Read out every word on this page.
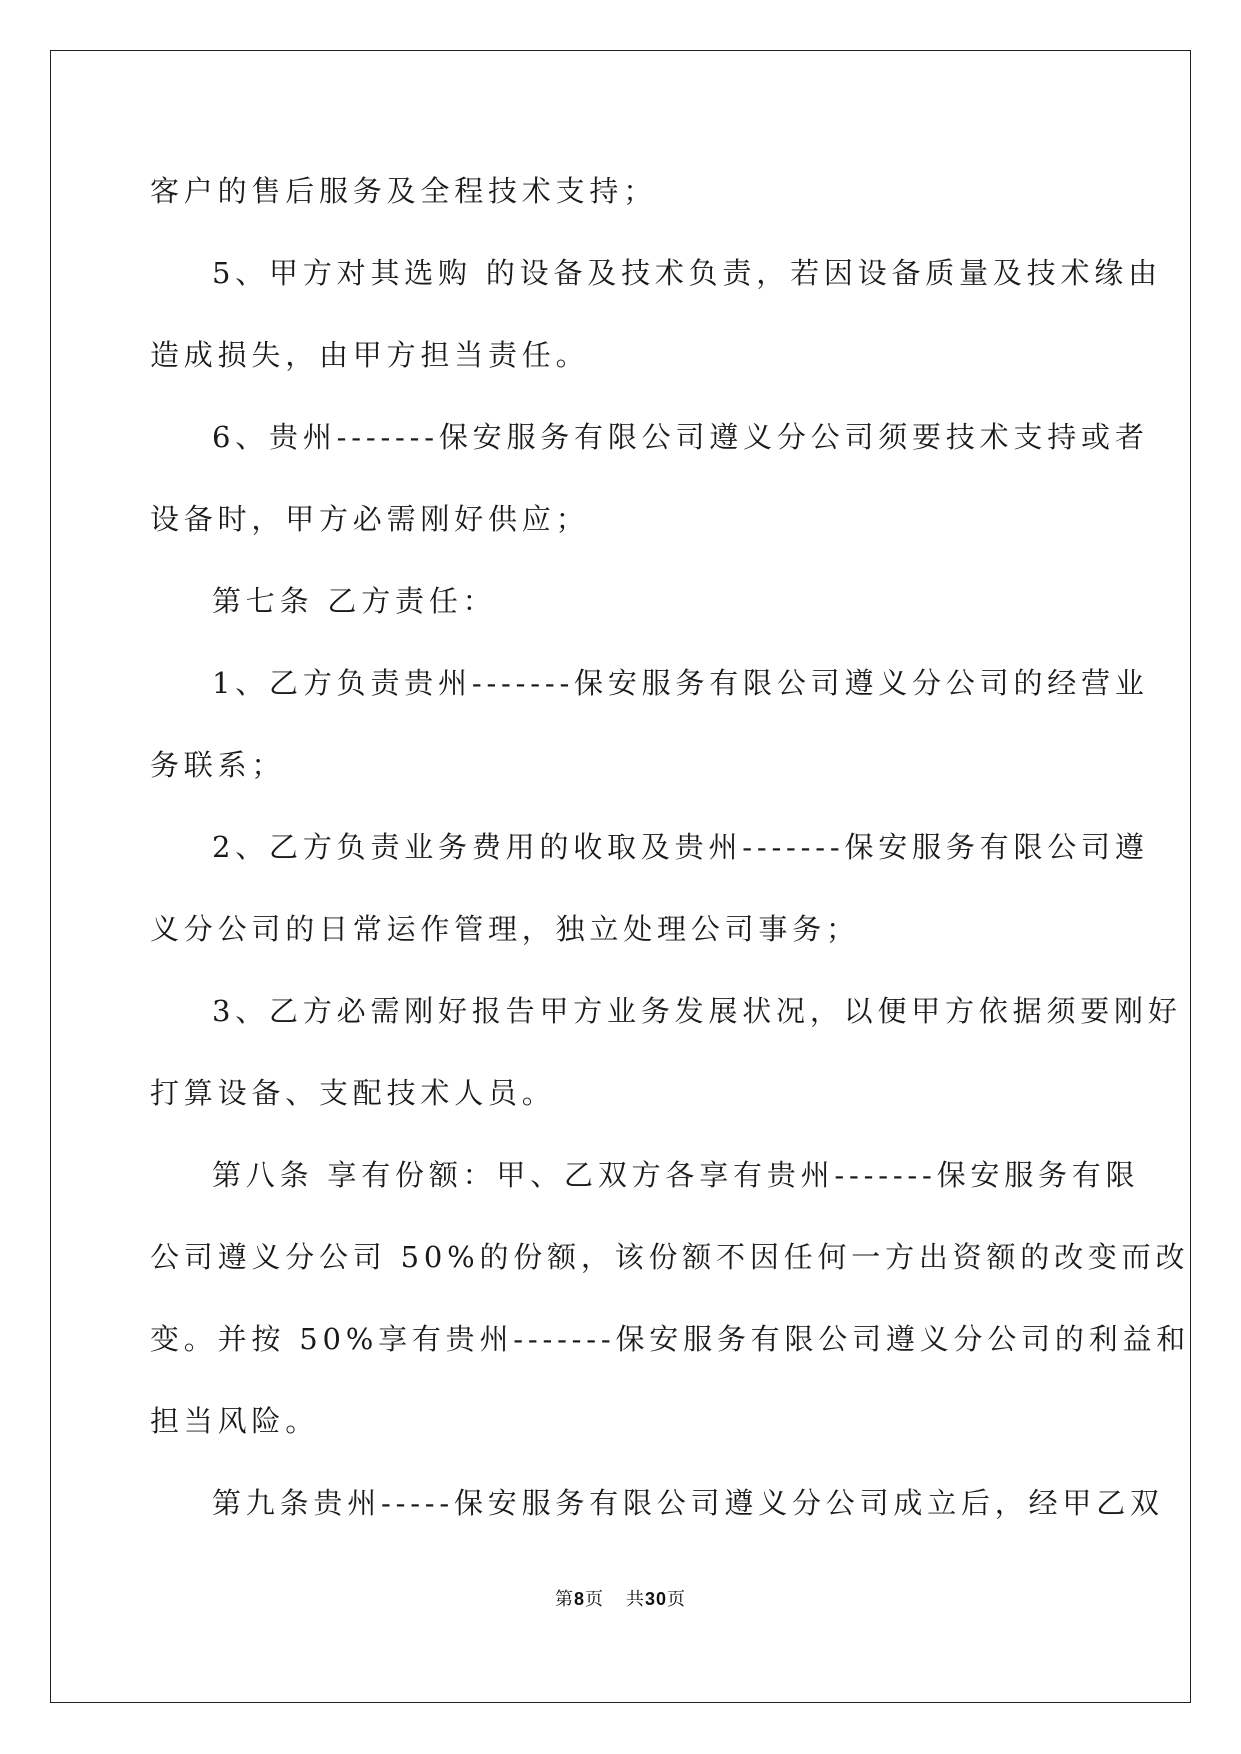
客户的售后服务及全程技术支持；
5、甲方对其选购 的设备及技术负责，若因设备质量及技术缘由
造成损失，由甲方担当责任。
6、贵州-------保安服务有限公司遵义分公司须要技术支持或者
设备时，甲方必需刚好供应；
第七条 乙方责任：
1、乙方负责贵州-------保安服务有限公司遵义分公司的经营业
务联系；
2、乙方负责业务费用的收取及贵州-------保安服务有限公司遵
义分公司的日常运作管理，独立处理公司事务；
3、乙方必需刚好报告甲方业务发展状况，以便甲方依据须要刚好
打算设备、支配技术人员。
第八条 享有份额：甲、乙双方各享有贵州-------保安服务有限
公司遵义分公司 50%的份额，该份额不因任何一方出资额的改变而改
变。并按 50%享有贵州-------保安服务有限公司遵义分公司的利益和
担当风险。
第九条贵州-----保安服务有限公司遵义分公司成立后，经甲乙双
第8页 共30页
